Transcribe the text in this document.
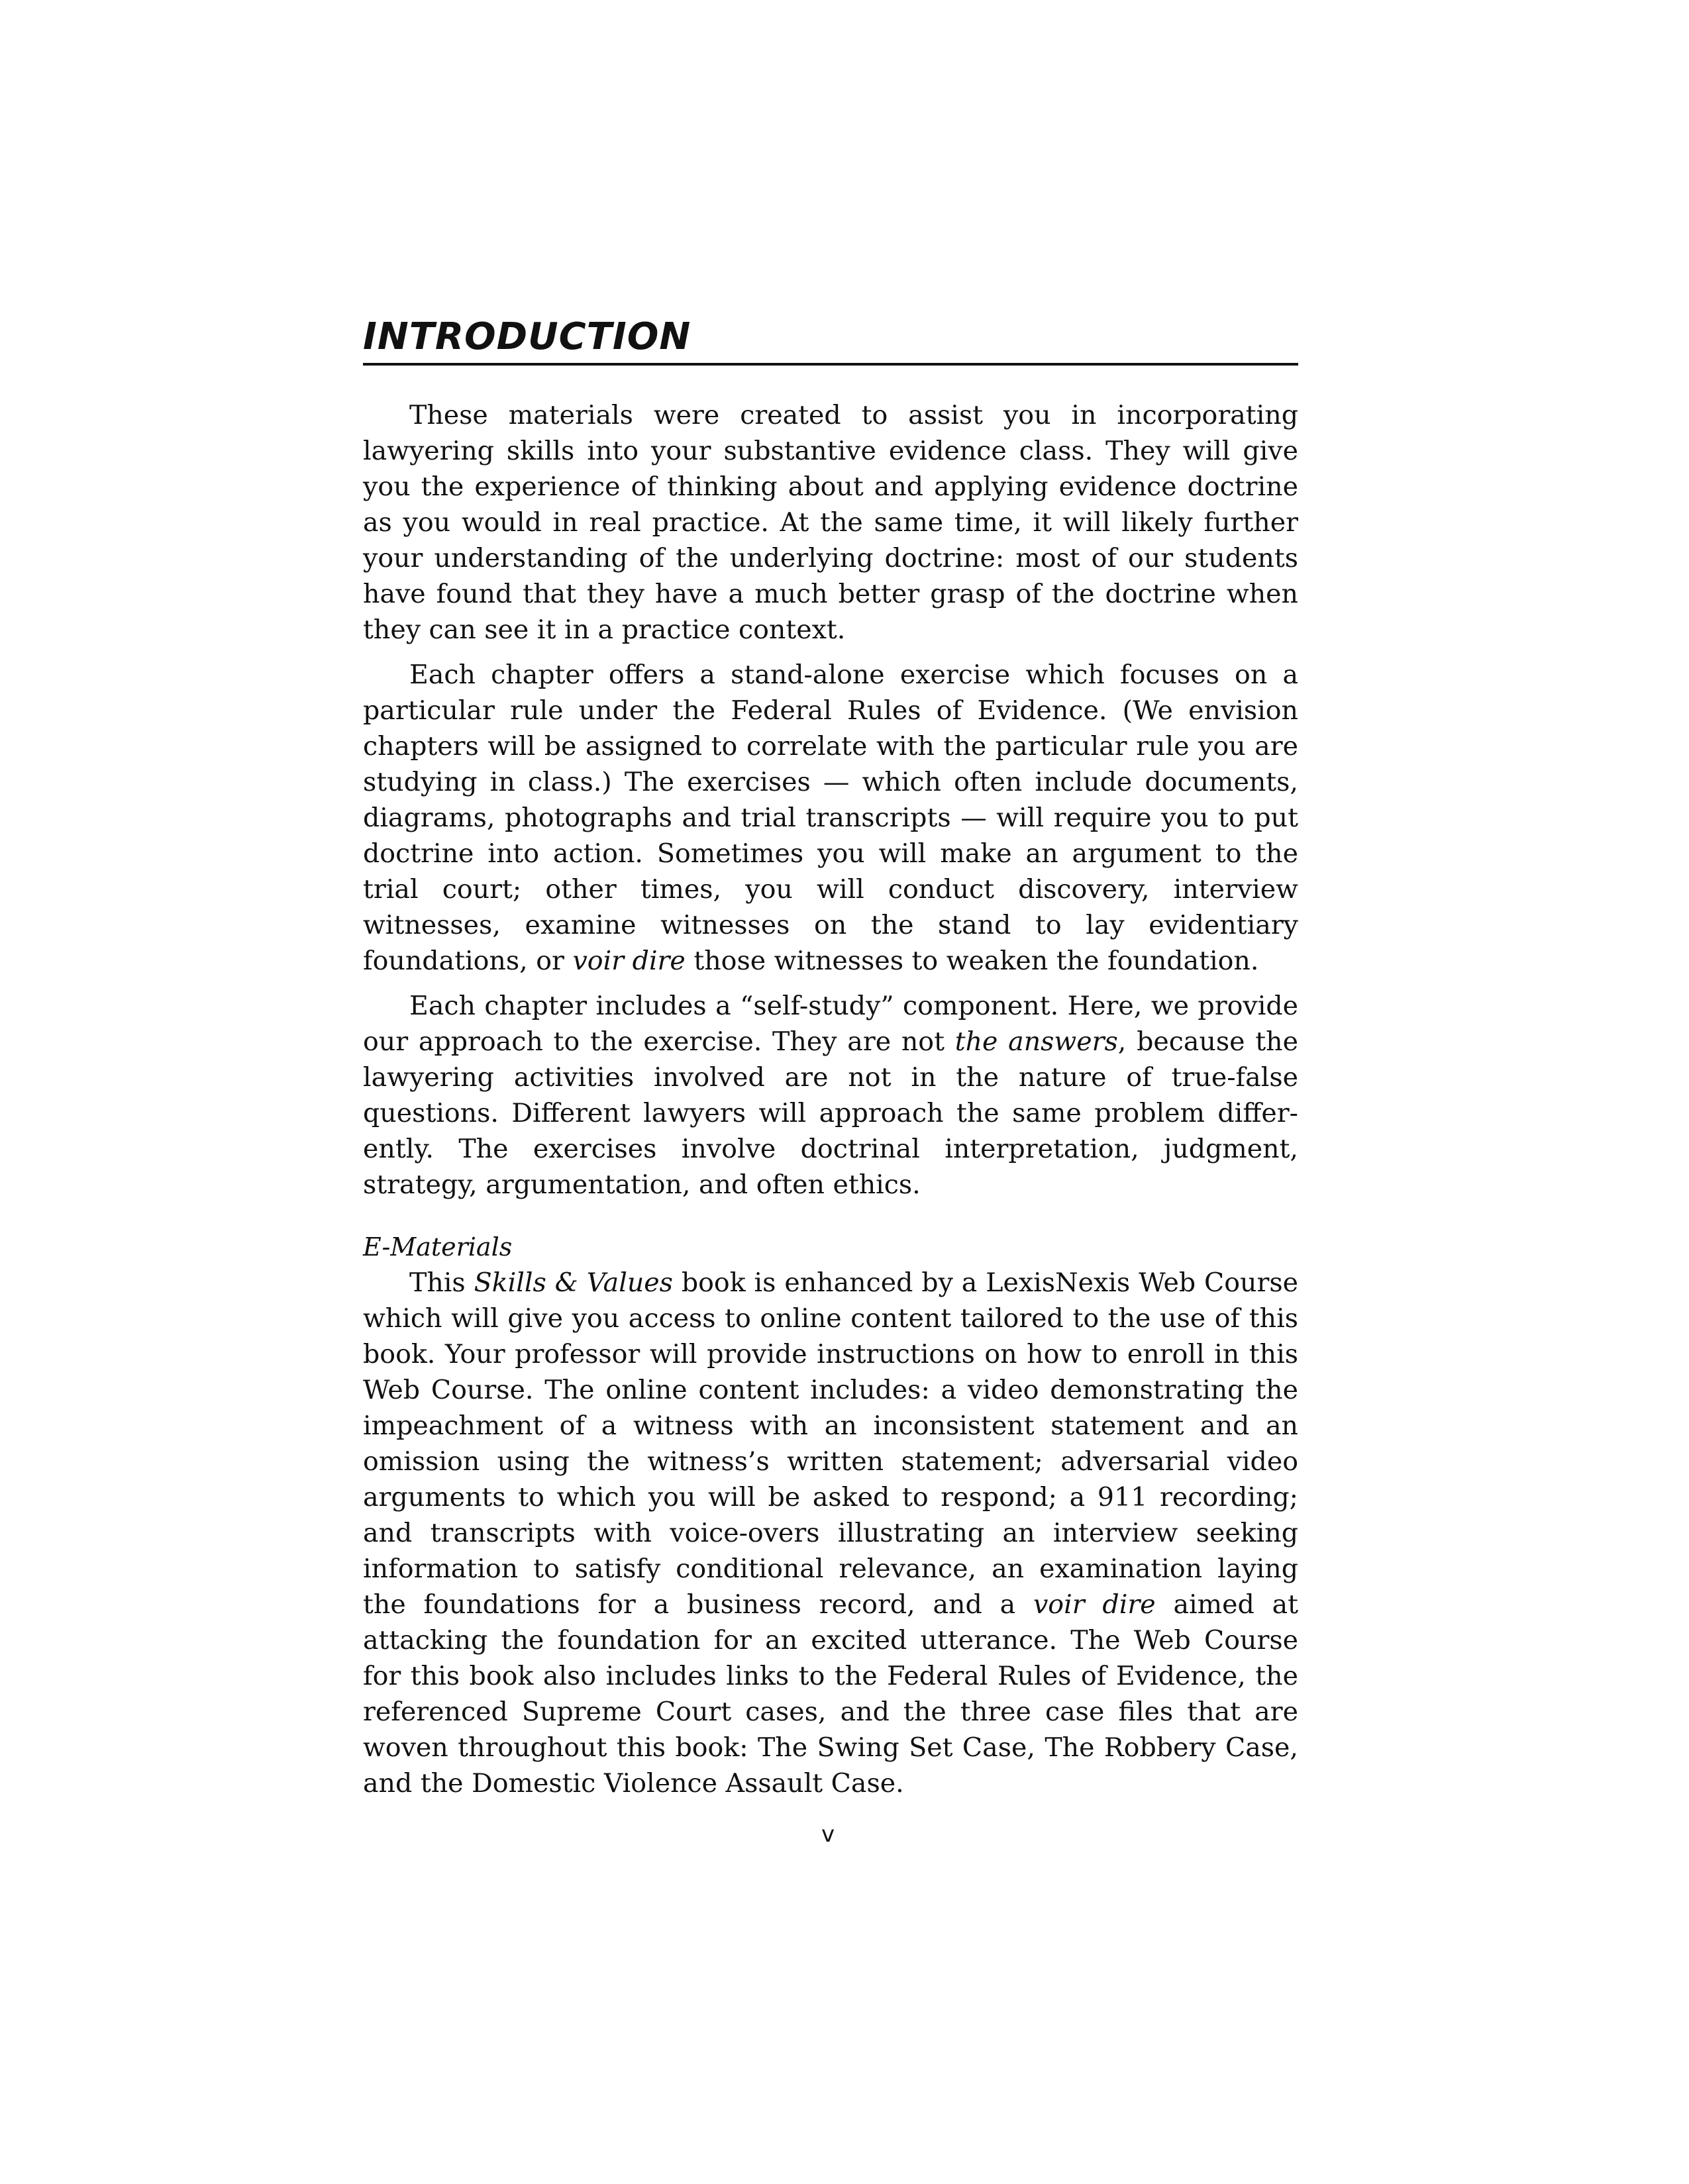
INTRODUCTION

These materials were created to assist you in incorporating lawyering skills into your substantive evidence class. They will give you the experience of thinking about and applying evidence doctrine as you would in real practice. At the same time, it will likely further your understanding of the underlying doctrine: most of our students have found that they have a much better grasp of the doctrine when they can see it in a practice context.

Each chapter offers a stand-alone exercise which focuses on a particular rule under the Federal Rules of Evidence. (We envision chapters will be assigned to correlate with the particular rule you are studying in class.) The exercises — which often include documents, diagrams, photographs and trial transcripts — will require you to put doctrine into action. Sometimes you will make an argument to the trial court; other times, you will conduct discovery, interview witnesses, examine witnesses on the stand to lay evidentiary foundations, or voir dire those witnesses to weaken the foundation.

Each chapter includes a “self-study” component. Here, we provide our approach to the exercise. They are not the answers, because the lawyering activities involved are not in the nature of true-false questions. Different lawyers will approach the same problem differently. The exercises involve doctrinal interpretation, judgment, strategy, argumentation, and often ethics.

E-Materials

This Skills & Values book is enhanced by a LexisNexis Web Course which will give you access to online content tailored to the use of this book. Your professor will provide instructions on how to enroll in this Web Course. The online content includes: a video demonstrating the impeachment of a witness with an inconsistent statement and an omission using the witness’s written statement; adversarial video arguments to which you will be asked to respond; a 911 recording; and transcripts with voice-overs illustrating an interview seeking information to satisfy conditional relevance, an examination laying the foundations for a business record, and a voir dire aimed at attacking the foundation for an excited utterance. The Web Course for this book also includes links to the Federal Rules of Evidence, the referenced Supreme Court cases, and the three case files that are woven throughout this book: The Swing Set Case, The Robbery Case, and the Domestic Violence Assault Case.

v
